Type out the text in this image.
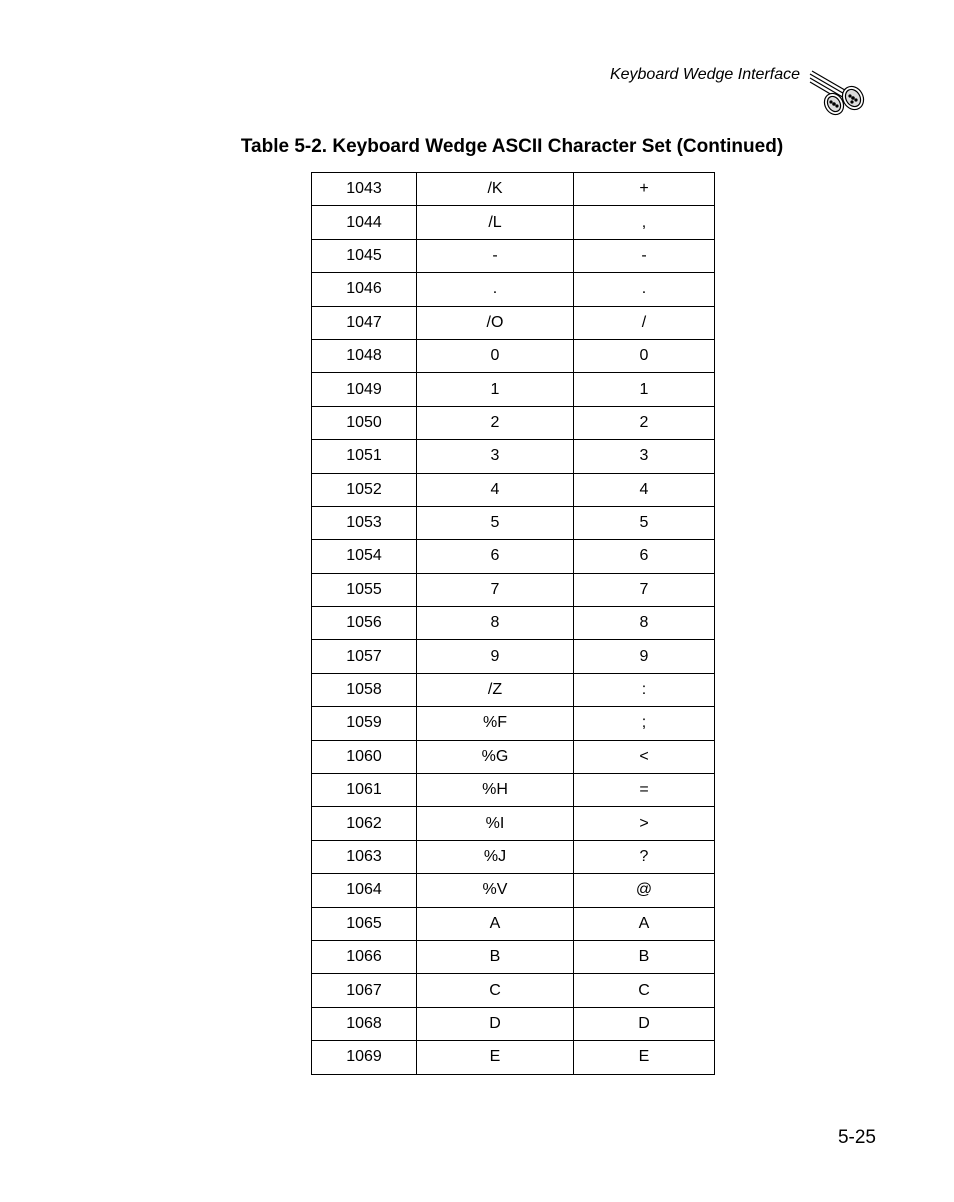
Keyboard Wedge Interface
Table 5-2. Keyboard Wedge ASCII Character Set (Continued)
1043	/K	+
1044	/L	,
1045	-	-
1046	.	.
1047	/O	/
1048	0	0
1049	1	1
1050	2	2
1051	3	3
1052	4	4
1053	5	5
1054	6	6
1055	7	7
1056	8	8
1057	9	9
1058	/Z	:
1059	%F	;
1060	%G	<
1061	%H	=
1062	%I	>
1063	%J	?
1064	%V	@
1065	A	A
1066	B	B
1067	C	C
1068	D	D
1069	E	E
5-25
